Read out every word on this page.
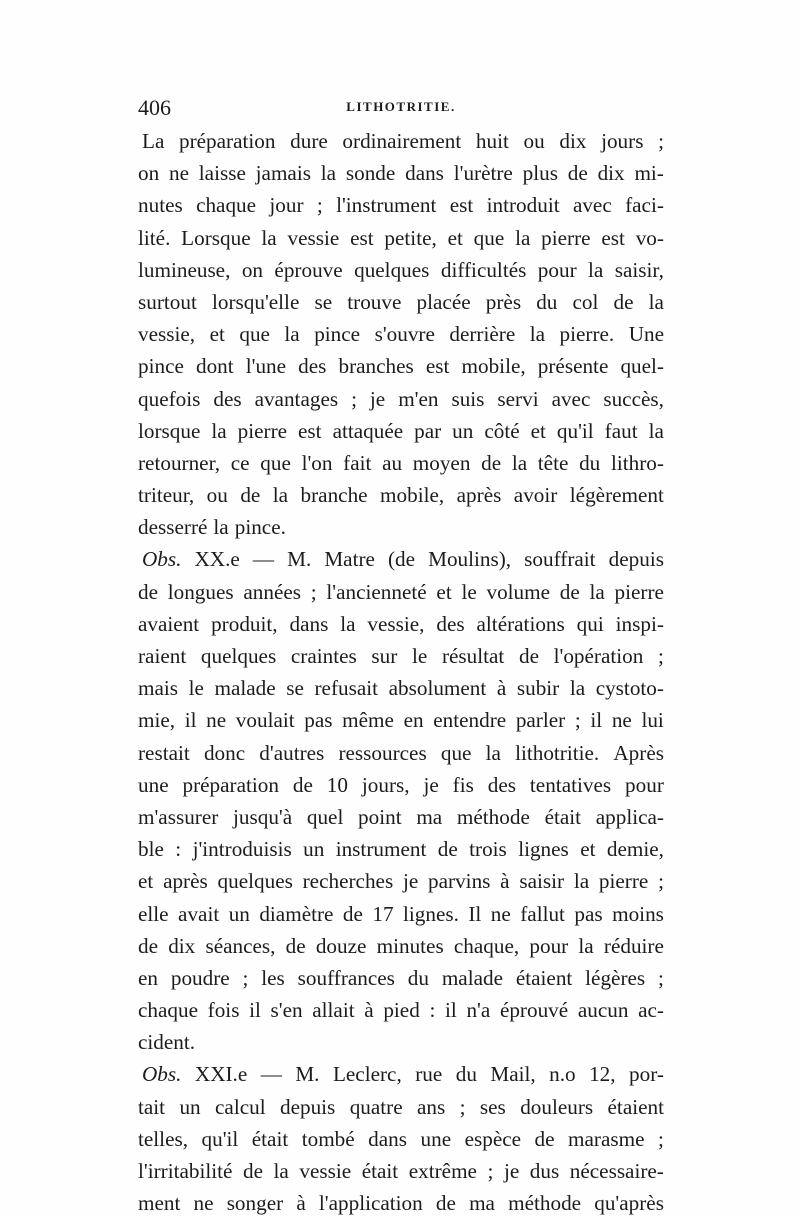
406	LITHOTRITIE.
La préparation dure ordinairement huit ou dix jours ;
on ne laisse jamais la sonde dans l'urètre plus de dix mi-
nutes chaque jour ; l'instrument est introduit avec faci-
lité. Lorsque la vessie est petite, et que la pierre est vo-
lumineuse, on éprouve quelques difficultés pour la saisir,
surtout lorsqu'elle se trouve placée près du col de la
vessie, et que la pince s'ouvre derrière la pierre. Une
pince dont l'une des branches est mobile, présente quel-
quefois des avantages ; je m'en suis servi avec succès,
lorsque la pierre est attaquée par un côté et qu'il faut la
retourner, ce que l'on fait au moyen de la tête du lithro-
triteur, ou de la branche mobile, après avoir légèrement
desserré la pince.
Obs. XX.e — M. Matre (de Moulins), souffrait depuis
de longues années ; l'ancienneté et le volume de la pierre
avaient produit, dans la vessie, des altérations qui inspi-
raient quelques craintes sur le résultat de l'opération ;
mais le malade se refusait absolument à subir la cystoto-
mie, il ne voulait pas même en entendre parler ; il ne lui
restait donc d'autres ressources que la lithotritie. Après
une préparation de 10 jours, je fis des tentatives pour
m'assurer jusqu'à quel point ma méthode était applica-
ble : j'introduisis un instrument de trois lignes et demie,
et après quelques recherches je parvins à saisir la pierre ;
elle avait un diamètre de 17 lignes. Il ne fallut pas moins
de dix séances, de douze minutes chaque, pour la réduire
en poudre ; les souffrances du malade étaient légères ;
chaque fois il s'en allait à pied : il n'a éprouvé aucun ac-
cident.
Obs. XXI.e — M. Leclerc, rue du Mail, n.o 12, por-
tait un calcul depuis quatre ans ; ses douleurs étaient
telles, qu'il était tombé dans une espèce de marasme ;
l'irritabilité de la vessie était extrême ; je dus nécessaire-
ment ne songer à l'application de ma méthode qu'après
